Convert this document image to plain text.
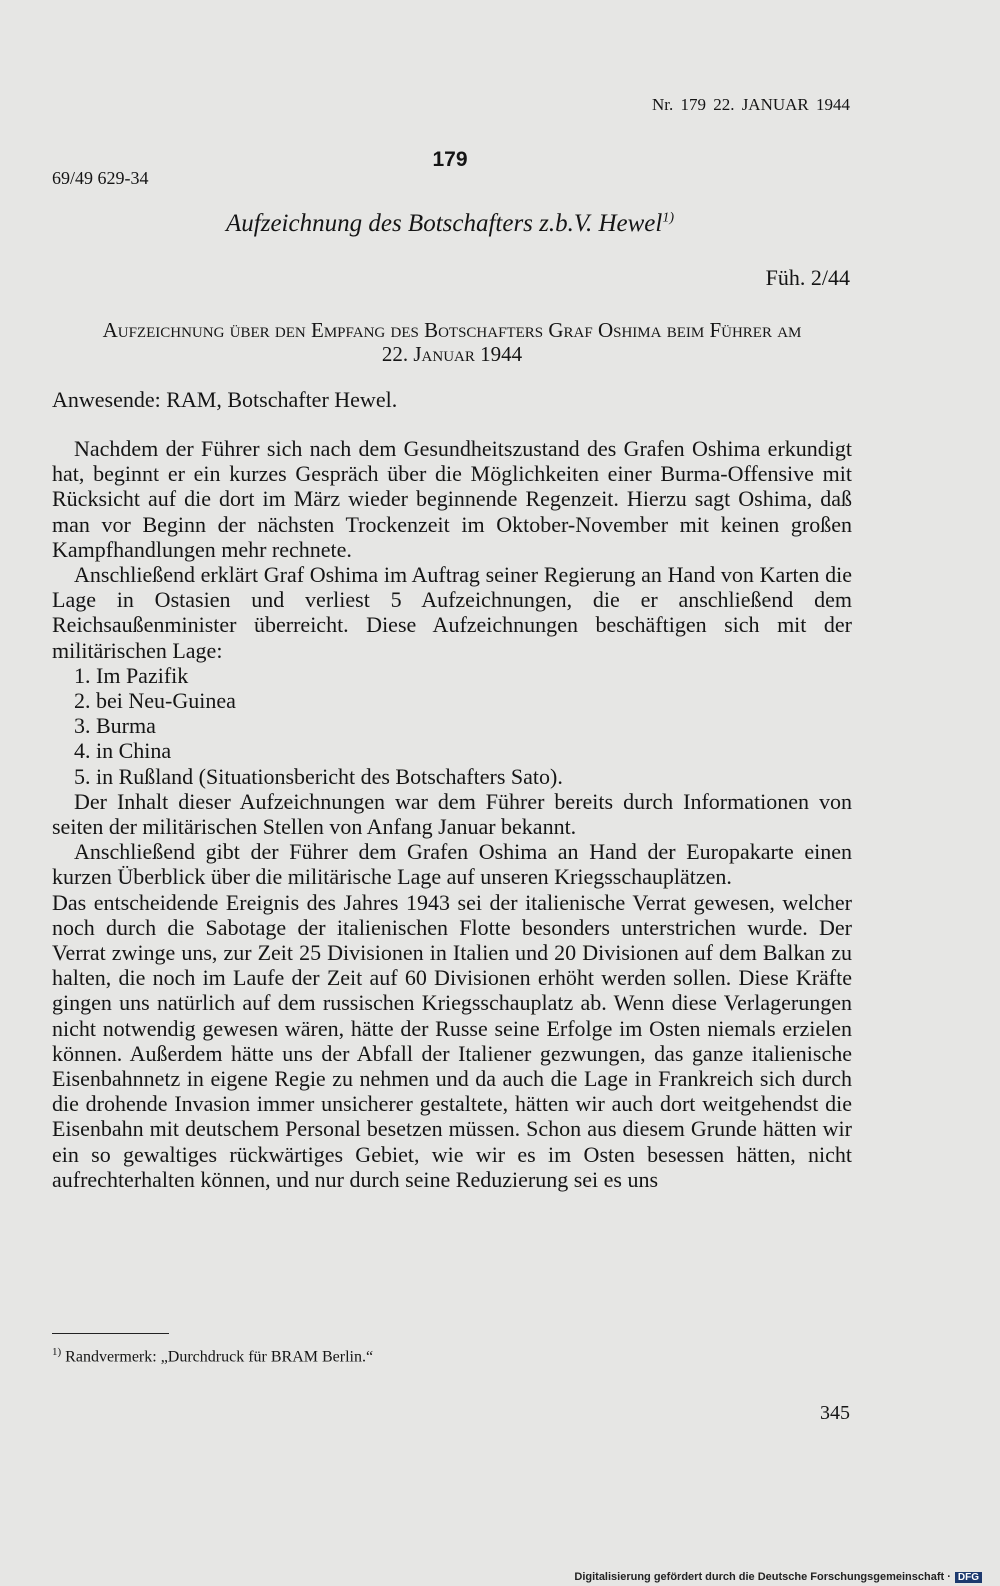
Nr. 179 22. JANUAR 1944
69/49 629-34
179
Aufzeichnung des Botschafters z.b.V. Hewel$^{1)}$
Füh. 2/44
Aufzeichnung über den Empfang des Botschafters Graf Oshima beim Führer am
22. Januar 1944
Anwesende: RAM, Botschafter Hewel.

Nachdem der Führer sich nach dem Gesundheitszustand des Grafen Oshima erkundigt hat, beginnt er ein kurzes Gespräch über die Möglichkeiten einer Burma-Offensive mit Rücksicht auf die dort im März wieder beginnende Regenzeit. Hierzu sagt Oshima, daß man vor Beginn der nächsten Trockenzeit im Oktober-November mit keinen großen Kampfhandlungen mehr rechnete.

Anschließend erklärt Graf Oshima im Auftrag seiner Regierung an Hand von Karten die Lage in Ostasien und verliest 5 Aufzeichnungen, die er anschließend dem Reichsaußenminister überreicht. Diese Aufzeichnungen beschäftigen sich mit der militärischen Lage:

1. Im Pazifik
2. bei Neu-Guinea
3. Burma
4. in China
5. in Rußland (Situationsbericht des Botschafters Sato).

Der Inhalt dieser Aufzeichnungen war dem Führer bereits durch Informationen von seiten der militärischen Stellen von Anfang Januar bekannt.

Anschließend gibt der Führer dem Grafen Oshima an Hand der Europakarte einen kurzen Überblick über die militärische Lage auf unseren Kriegsschauplätzen.

Das entscheidende Ereignis des Jahres 1943 sei der italienische Verrat gewesen, welcher noch durch die Sabotage der italienischen Flotte besonders unterstrichen wurde. Der Verrat zwinge uns, zur Zeit 25 Divisionen in Italien und 20 Divisionen auf dem Balkan zu halten, die noch im Laufe der Zeit auf 60 Divisionen erhöht werden sollen. Diese Kräfte gingen uns natürlich auf dem russischen Kriegsschauplatz ab. Wenn diese Verlagerungen nicht notwendig gewesen wären, hätte der Russe seine Erfolge im Osten niemals erzielen können. Außerdem hätte uns der Abfall der Italiener gezwungen, das ganze italienische Eisenbahnnetz in eigene Regie zu nehmen und da auch die Lage in Frankreich sich durch die drohende Invasion immer unsicherer gestaltete, hätten wir auch dort weitgehendst die Eisenbahn mit deutschem Personal besetzen müssen. Schon aus diesem Grunde hätten wir ein so gewaltiges rückwärtiges Gebiet, wie wir es im Osten besessen hätten, nicht aufrechterhalten können, und nur durch seine Reduzierung sei es uns

$^{1)}$ Randvermerk: „Durchdruck für BRAM Berlin.“
345
Digitalisierung gefördert durch die Deutsche Forschungsgemeinschaft · DFG
